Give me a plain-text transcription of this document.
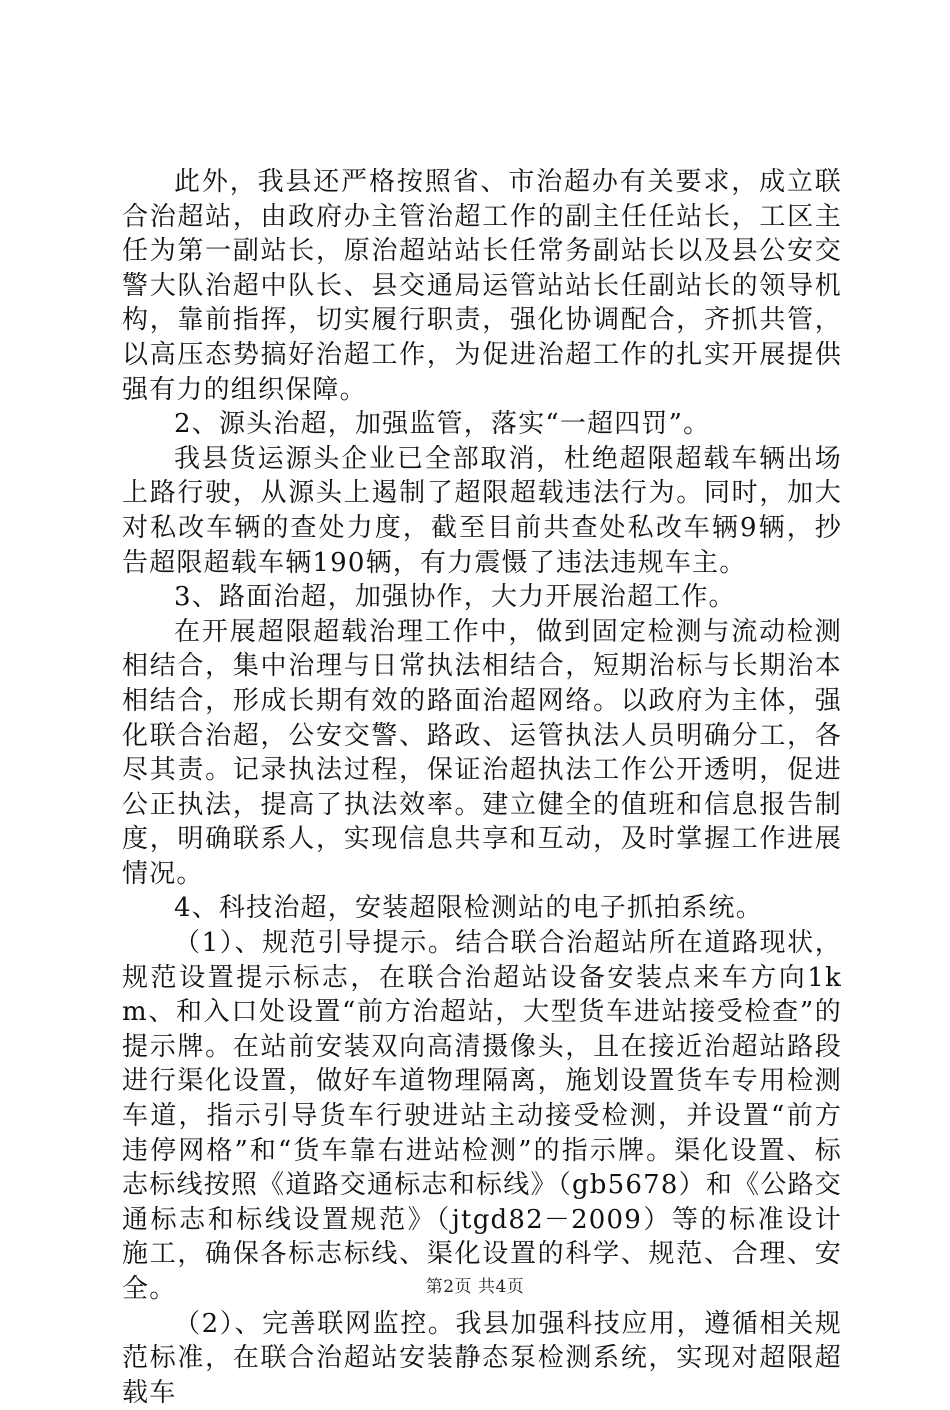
此外，我县还严格按照省、市治超办有关要求，成立联合治超站，由政府办主管治超工作的副主任任站长，工区主任为第一副站长，原治超站站长任常务副站长以及县公安交警大队治超中队长、县交通局运管站站长任副站长的领导机构，靠前指挥，切实履行职责，强化协调配合，齐抓共管，以高压态势搞好治超工作，为促进治超工作的扎实开展提供强有力的组织保障。

2、源头治超，加强监管，落实“一超四罚”。

我县货运源头企业已全部取消，杜绝超限超载车辆出场上路行驶，从源头上遏制了超限超载违法行为。同时，加大对私改车辆的查处力度，截至目前共查处私改车辆9辆，抄告超限超载车辆190辆，有力震慑了违法违规车主。

3、路面治超，加强协作，大力开展治超工作。

在开展超限超载治理工作中，做到固定检测与流动检测相结合，集中治理与日常执法相结合，短期治标与长期治本相结合，形成长期有效的路面治超网络。以政府为主体，强化联合治超，公安交警、路政、运管执法人员明确分工，各尽其责。记录执法过程，保证治超执法工作公开透明，促进公正执法，提高了执法效率。建立健全的值班和信息报告制度，明确联系人，实现信息共享和互动，及时掌握工作进展情况。

4、科技治超，安装超限检测站的电子抓拍系统。

（1）、规范引导提示。结合联合治超站所在道路现状，规范设置提示标志，在联合治超站设备安装点来车方向1km、和入口处设置“前方治超站，大型货车进站接受检查”的提示牌。在站前安装双向高清摄像头，且在接近治超站路段进行渠化设置，做好车道物理隔离，施划设置货车专用检测车道，指示引导货车行驶进站主动接受检测，并设置“前方违停网格”和“货车靠右进站检测”的指示牌。渠化设置、标志标线按照《道路交通标志和标线》（gb5678）和《公路交通标志和标线设置规范》（jtgd82－2009）等的标准设计施工，确保各标志标线、渠化设置的科学、规范、合理、安全。

（2）、完善联网监控。我县加强科技应用，遵循相关规范标准，在联合治超站安装静态泵检测系统，实现对超限超载车

第2页 共4页
